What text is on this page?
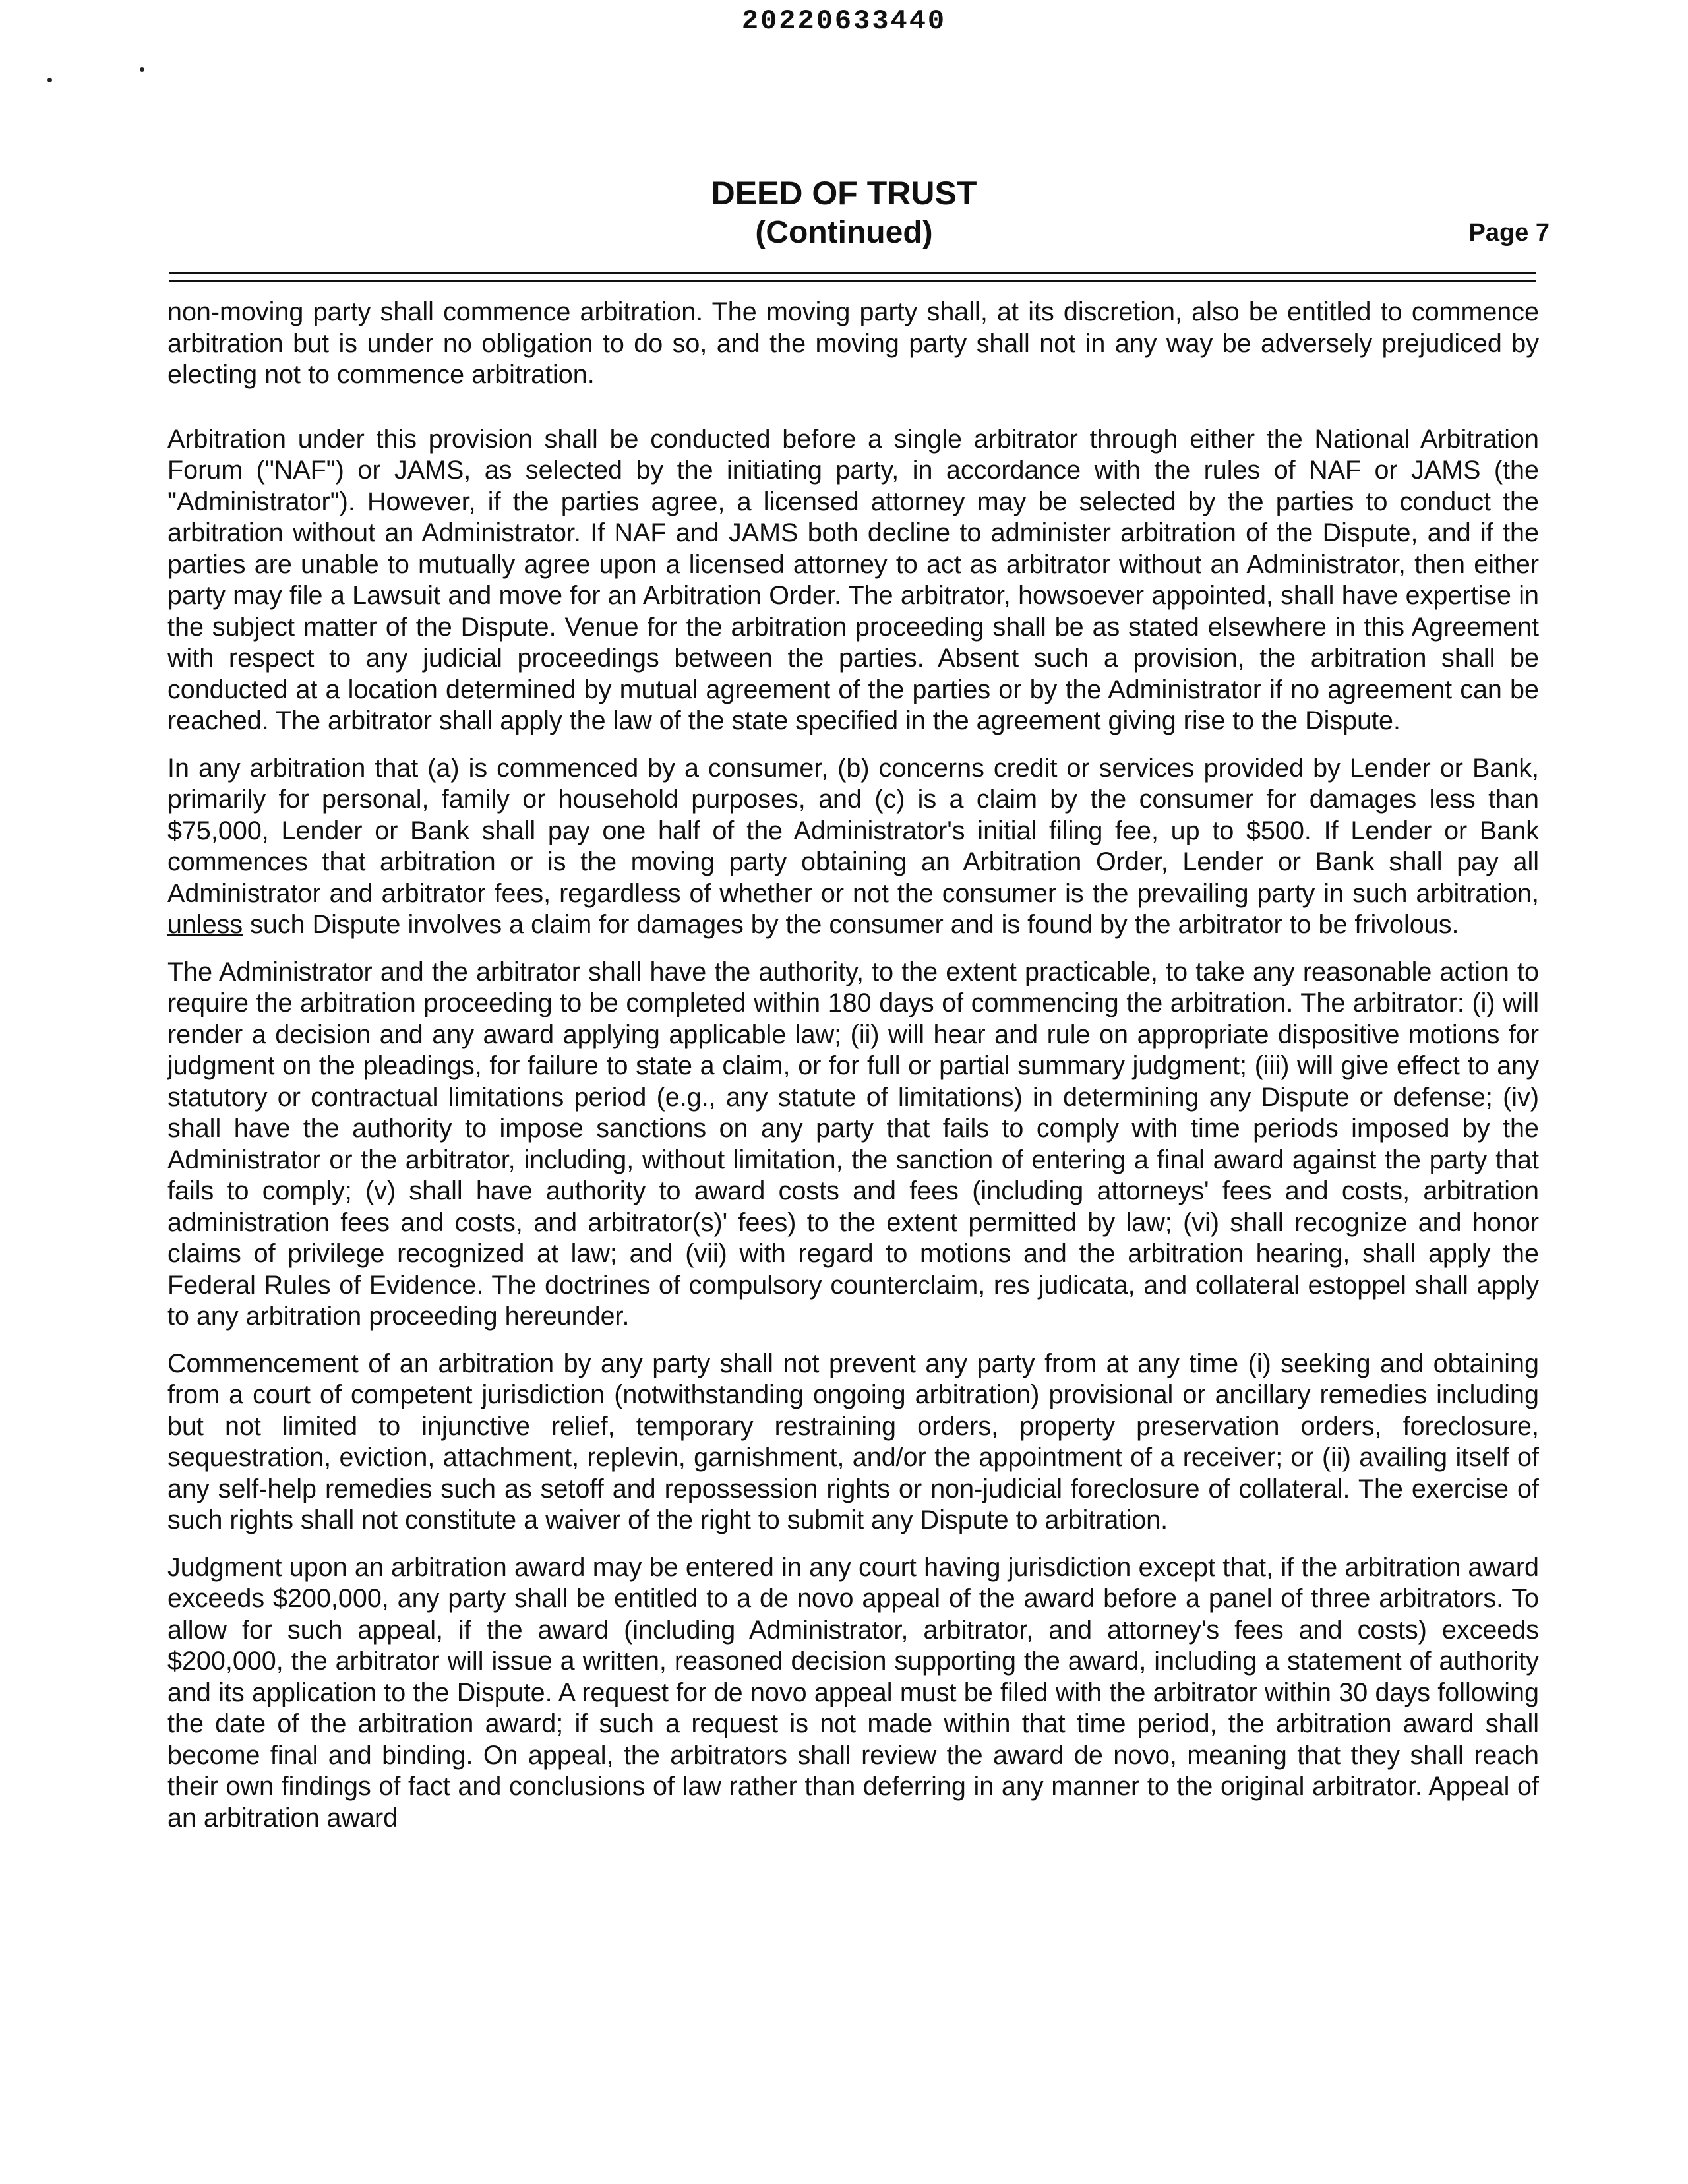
20220633440
DEED OF TRUST
(Continued)	Page 7

non-moving party shall commence arbitration. The moving party shall, at its discretion, also be entitled to commence arbitration but is under no obligation to do so, and the moving party shall not in any way be adversely prejudiced by electing not to commence arbitration.

Arbitration under this provision shall be conducted before a single arbitrator through either the National Arbitration Forum ("NAF") or JAMS, as selected by the initiating party, in accordance with the rules of NAF or JAMS (the "Administrator"). However, if the parties agree, a licensed attorney may be selected by the parties to conduct the arbitration without an Administrator. If NAF and JAMS both decline to administer arbitration of the Dispute, and if the parties are unable to mutually agree upon a licensed attorney to act as arbitrator without an Administrator, then either party may file a Lawsuit and move for an Arbitration Order. The arbitrator, howsoever appointed, shall have expertise in the subject matter of the Dispute. Venue for the arbitration proceeding shall be as stated elsewhere in this Agreement with respect to any judicial proceedings between the parties. Absent such a provision, the arbitration shall be conducted at a location determined by mutual agreement of the parties or by the Administrator if no agreement can be reached. The arbitrator shall apply the law of the state specified in the agreement giving rise to the Dispute.

In any arbitration that (a) is commenced by a consumer, (b) concerns credit or services provided by Lender or Bank, primarily for personal, family or household purposes, and (c) is a claim by the consumer for damages less than $75,000, Lender or Bank shall pay one half of the Administrator's initial filing fee, up to $500. If Lender or Bank commences that arbitration or is the moving party obtaining an Arbitration Order, Lender or Bank shall pay all Administrator and arbitrator fees, regardless of whether or not the consumer is the prevailing party in such arbitration, unless such Dispute involves a claim for damages by the consumer and is found by the arbitrator to be frivolous.

The Administrator and the arbitrator shall have the authority, to the extent practicable, to take any reasonable action to require the arbitration proceeding to be completed within 180 days of commencing the arbitration. The arbitrator: (i) will render a decision and any award applying applicable law; (ii) will hear and rule on appropriate dispositive motions for judgment on the pleadings, for failure to state a claim, or for full or partial summary judgment; (iii) will give effect to any statutory or contractual limitations period (e.g., any statute of limitations) in determining any Dispute or defense; (iv) shall have the authority to impose sanctions on any party that fails to comply with time periods imposed by the Administrator or the arbitrator, including, without limitation, the sanction of entering a final award against the party that fails to comply; (v) shall have authority to award costs and fees (including attorneys' fees and costs, arbitration administration fees and costs, and arbitrator(s)' fees) to the extent permitted by law; (vi) shall recognize and honor claims of privilege recognized at law; and (vii) with regard to motions and the arbitration hearing, shall apply the Federal Rules of Evidence. The doctrines of compulsory counterclaim, res judicata, and collateral estoppel shall apply to any arbitration proceeding hereunder.

Commencement of an arbitration by any party shall not prevent any party from at any time (i) seeking and obtaining from a court of competent jurisdiction (notwithstanding ongoing arbitration) provisional or ancillary remedies including but not limited to injunctive relief, temporary restraining orders, property preservation orders, foreclosure, sequestration, eviction, attachment, replevin, garnishment, and/or the appointment of a receiver; or (ii) availing itself of any self-help remedies such as setoff and repossession rights or non-judicial foreclosure of collateral. The exercise of such rights shall not constitute a waiver of the right to submit any Dispute to arbitration.

Judgment upon an arbitration award may be entered in any court having jurisdiction except that, if the arbitration award exceeds $200,000, any party shall be entitled to a de novo appeal of the award before a panel of three arbitrators. To allow for such appeal, if the award (including Administrator, arbitrator, and attorney's fees and costs) exceeds $200,000, the arbitrator will issue a written, reasoned decision supporting the award, including a statement of authority and its application to the Dispute. A request for de novo appeal must be filed with the arbitrator within 30 days following the date of the arbitration award; if such a request is not made within that time period, the arbitration award shall become final and binding. On appeal, the arbitrators shall review the award de novo, meaning that they shall reach their own findings of fact and conclusions of law rather than deferring in any manner to the original arbitrator. Appeal of an arbitration award
